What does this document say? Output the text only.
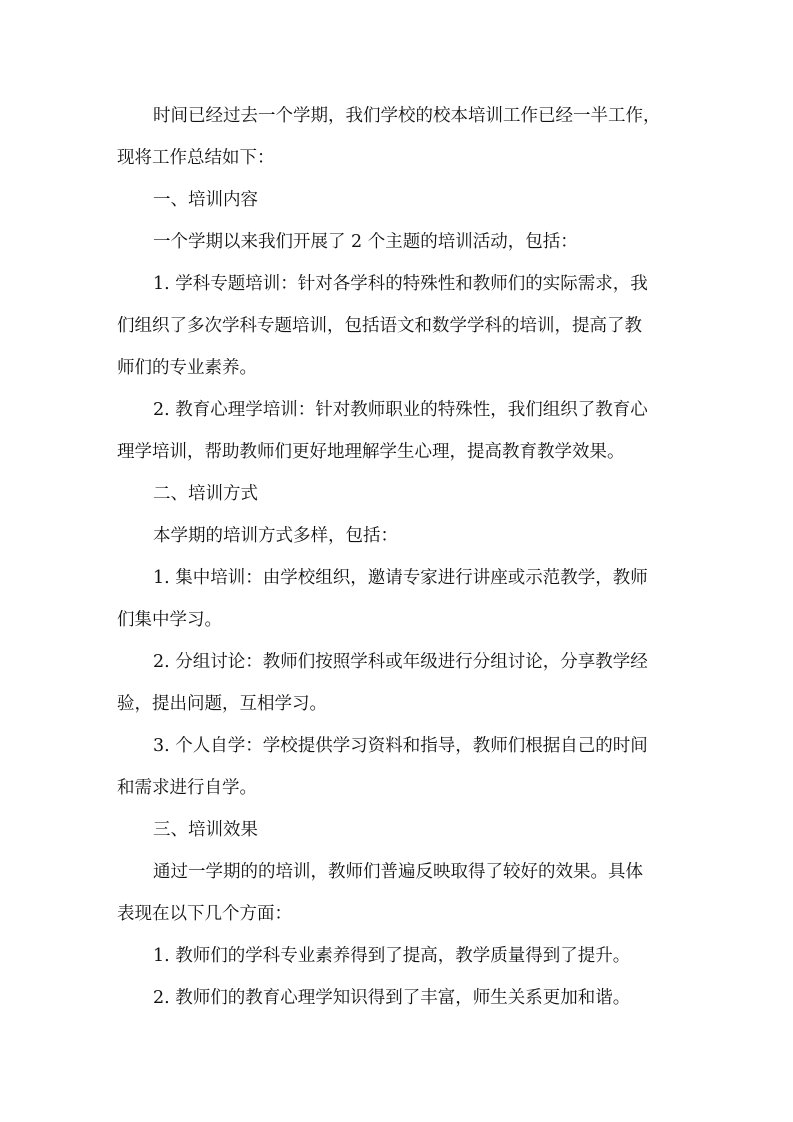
时间已经过去一个学期，我们学校的校本培训工作已经一半工作，
现将工作总结如下：
一、培训内容
一个学期以来我们开展了 2 个主题的培训活动，包括：
1. 学科专题培训：针对各学科的特殊性和教师们的实际需求，我
们组织了多次学科专题培训，包括语文和数学学科的培训，提高了教
师们的专业素养。
2. 教育心理学培训：针对教师职业的特殊性，我们组织了教育心
理学培训，帮助教师们更好地理解学生心理，提高教育教学效果。
二、培训方式
本学期的培训方式多样，包括：
1. 集中培训：由学校组织，邀请专家进行讲座或示范教学，教师
们集中学习。
2. 分组讨论：教师们按照学科或年级进行分组讨论，分享教学经
验，提出问题，互相学习。
3. 个人自学：学校提供学习资料和指导，教师们根据自己的时间
和需求进行自学。
三、培训效果
通过一学期的的培训，教师们普遍反映取得了较好的效果。具体
表现在以下几个方面：
1. 教师们的学科专业素养得到了提高，教学质量得到了提升。
2. 教师们的教育心理学知识得到了丰富，师生关系更加和谐。
